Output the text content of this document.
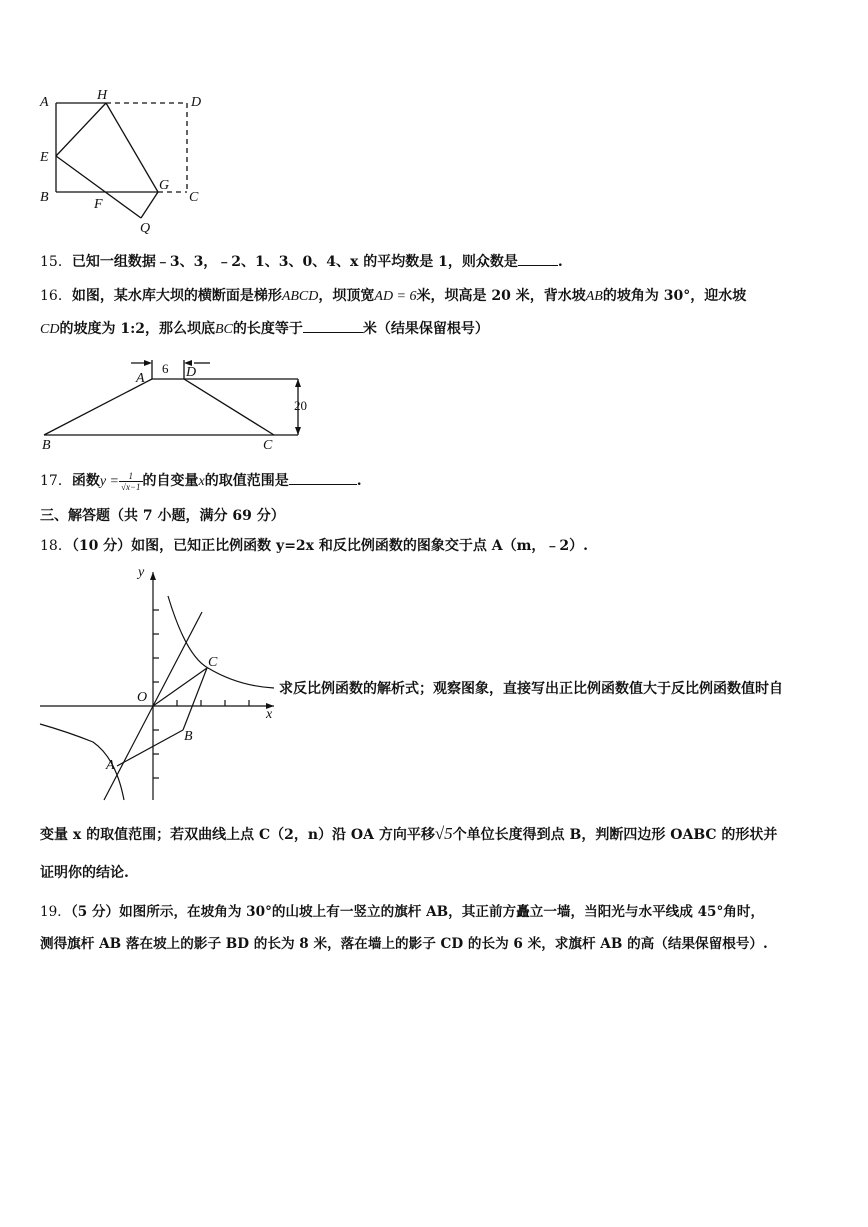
A	H	D
E
B	F
G
C
Q
15．已知一组数据﹣3、3，﹣2、1、3、0、4、x 的平均数是 1，则众数是	.
16．如图，某水库大坝的横断面是梯形ABCD，坝顶宽AD = 6米，坝高是 20 米，背水坡AB的坡角为 30°，迎水坡
CD的坡度为 1:2，那么坝底BC的长度等于	米（结果保留根号）
A	D
B	C
6
20
17．函数$y = \frac{1}{√x-1}$ 的自变量x的取值范围是	.
三、解答题（共 7 小题，满分 69 分）
18．（10 分）如图，已知正比例函数 y=2x 和反比例函数的图象交于点 A（m，﹣2）.
y
x
O
C
B
A
求反比例函数的解析式；观察图象，直接写出正比例函数值大于反比例函数值时自
变量 x 的取值范围；若双曲线上点 C（2，n）沿 OA 方向平移√5个单位长度得到点 B，判断四边形 OABC 的形状并
证明你的结论.
19．（5 分）如图所示，在坡角为 30°的山坡上有一竖立的旗杆 AB，其正前方矗立一墙，当阳光与水平线成 45°角时，
测得旗杆 AB 落在坡上的影子 BD 的长为 8 米，落在墙上的影子 CD 的长为 6 米，求旗杆 AB 的高（结果保留根号）.
